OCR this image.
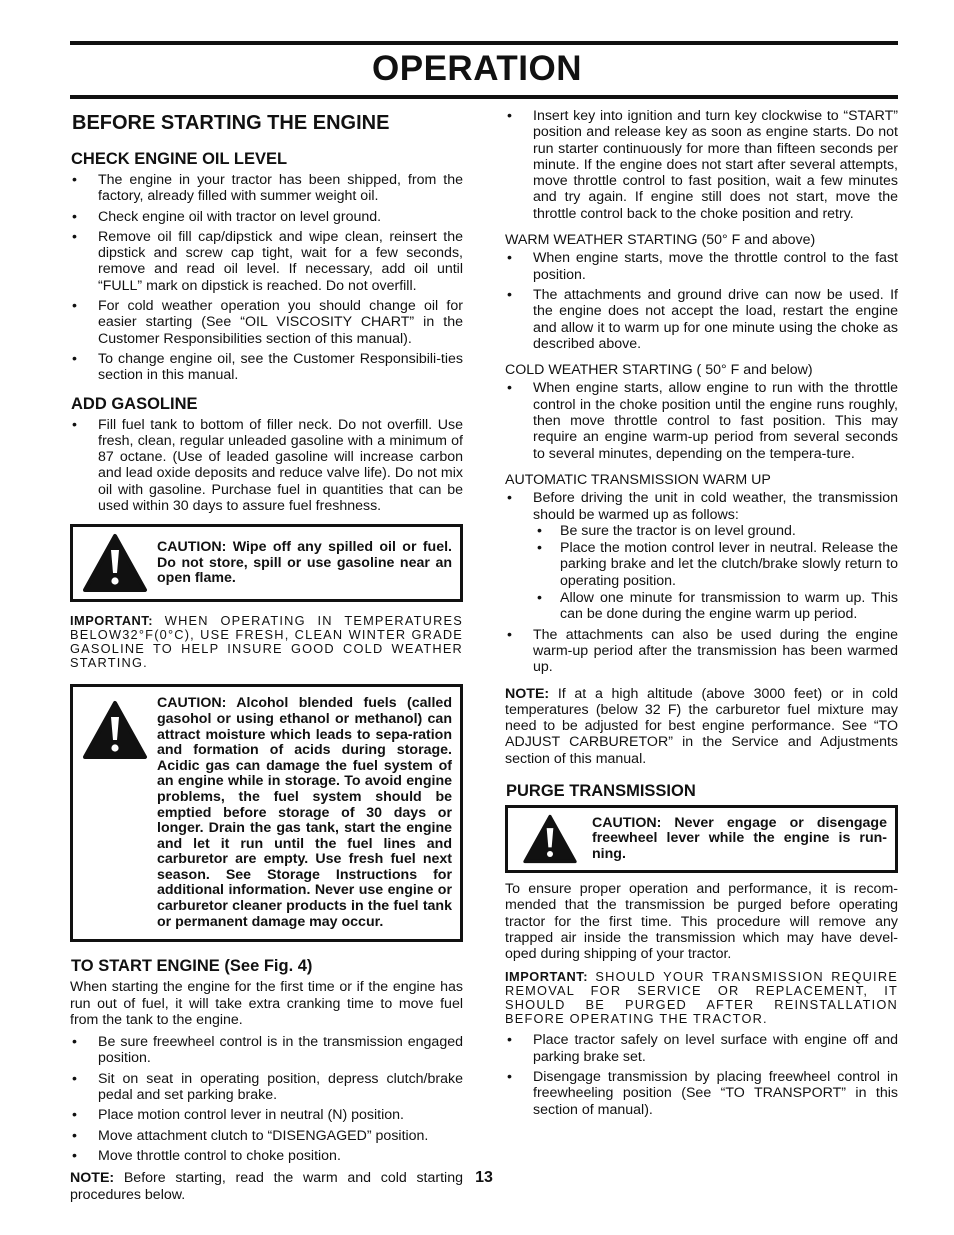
OPERATION
BEFORE STARTING THE ENGINE
CHECK ENGINE OIL LEVEL
• The engine in your tractor has been shipped, from the factory, already filled with summer weight oil.
• Check engine oil with tractor on level ground.
• Remove oil fill cap/dipstick and wipe clean, reinsert the dipstick and screw cap tight, wait for a few seconds, remove and read oil level. If necessary, add oil until “FULL” mark on dipstick is reached. Do not overfill.
• For cold weather operation you should change oil for easier starting (See “OIL VISCOSITY CHART” in the Customer Responsibilities section of this manual).
• To change engine oil, see the Customer Responsibili-ties section in this manual.
ADD GASOLINE
• Fill fuel tank to bottom of filler neck. Do not overfill. Use fresh, clean, regular unleaded gasoline with a minimum of 87 octane. (Use of leaded gasoline will increase carbon and lead oxide deposits and reduce valve life). Do not mix oil with gasoline. Purchase fuel in quantities that can be used within 30 days to assure fuel freshness.
CAUTION: Wipe off any spilled oil or fuel. Do not store, spill or use gasoline near an open flame.
IMPORTANT: WHEN OPERATING IN TEMPERATURES BELOW32°F(0°C), USE FRESH, CLEAN WINTER GRADE GASOLINE TO HELP INSURE GOOD COLD WEATHER STARTING.
CAUTION: Alcohol blended fuels (called gasohol or using ethanol or methanol) can attract moisture which leads to sepa-ration and formation of acids during storage. Acidic gas can damage the fuel system of an engine while in storage. To avoid engine problems, the fuel system should be emptied before storage of 30 days or longer. Drain the gas tank, start the engine and let it run until the fuel lines and carburetor are empty. Use fresh fuel next season. See Storage Instructions for additional information. Never use engine or carburetor cleaner products in the fuel tank or permanent damage may occur.
TO START ENGINE (See Fig. 4)

When starting the engine for the first time or if the engine has run out of fuel, it will take extra cranking time to move fuel from the tank to the engine.

• Be sure freewheel control is in the transmission engaged position.
• Sit on seat in operating position, depress clutch/brake pedal and set parking brake.
• Place motion control lever in neutral (N) position.
• Move attachment clutch to “DISENGAGED” position.
• Move throttle control to choke position.

NOTE: Before starting, read the warm and cold starting procedures below.

• Insert key into ignition and turn key clockwise to “START” position and release key as soon as engine starts. Do not run starter continuously for more than fifteen seconds per minute. If the engine does not start after several attempts, move throttle control to fast position, wait a few minutes and try again. If engine still does not start, move the throttle control back to the choke position and retry.
WARM WEATHER STARTING (50° F and above)
• When engine starts, move the throttle control to the fast position.
• The attachments and ground drive can now be used. If the engine does not accept the load, restart the engine and allow it to warm up for one minute using the choke as described above.
COLD WEATHER STARTING ( 50° F and below)
• When engine starts, allow engine to run with the throttle control in the choke position until the engine runs roughly, then move throttle control to fast position. This may require an engine warm-up period from several seconds to several minutes, depending on the tempera-ture.
AUTOMATIC TRANSMISSION WARM UP
• Before driving the unit in cold weather, the transmission should be warmed up as follows:
• Be sure the tractor is on level ground.
• Place the motion control lever in neutral. Release the parking brake and let the clutch/brake slowly return to operating position.
• Allow one minute for transmission to warm up. This can be done during the engine warm up period.
• The attachments can also be used during the engine warm-up period after the transmission has been warmed up.

NOTE: If at a high altitude (above 3000 feet) or in cold temperatures (below 32 F) the carburetor fuel mixture may need to be adjusted for best engine performance. See “TO ADJUST CARBURETOR” in the Service and Adjustments section of this manual.

PURGE TRANSMISSION
CAUTION: Never engage or disengage freewheel lever while the engine is run-ning.

To ensure proper operation and performance, it is recom-mended that the transmission be purged before operating tractor for the first time. This procedure will remove any trapped air inside the transmission which may have devel-oped during shipping of your tractor.

IMPORTANT: SHOULD YOUR TRANSMISSION REQUIRE REMOVAL FOR SERVICE OR REPLACEMENT, IT SHOULD BE PURGED AFTER REINSTALLATION BEFORE OPERATING THE TRACTOR.
• Place tractor safely on level surface with engine off and parking brake set.
• Disengage transmission by placing freewheel control in freewheeling position (See “TO TRANSPORT” in this section of manual).
13
